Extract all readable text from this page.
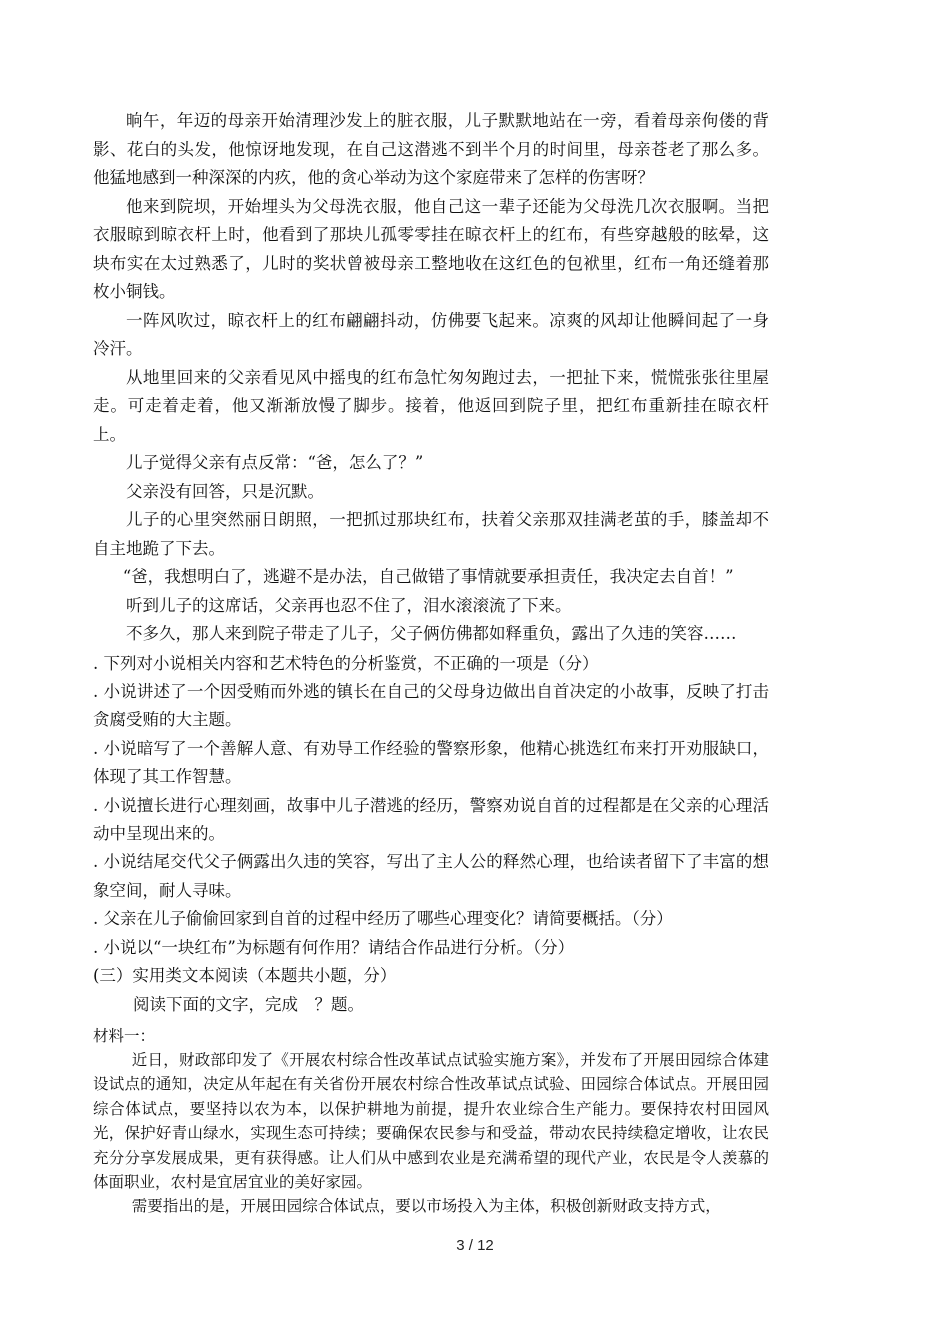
晌午，年迈的母亲开始清理沙发上的脏衣服，儿子默默地站在一旁，看着母亲佝偻的背影、花白的头发，他惊讶地发现，在自己这潜逃不到半个月的时间里，母亲苍老了那么多。他猛地感到一种深深的内疚，他的贪心举动为这个家庭带来了怎样的伤害呀？

他来到院坝，开始埋头为父母洗衣服，他自己这一辈子还能为父母洗几次衣服啊。当把衣服晾到晾衣杆上时，他看到了那块儿孤零零挂在晾衣杆上的红布，有些穿越般的眩晕，这块布实在太过熟悉了，儿时的奖状曾被母亲工整地收在这红色的包袱里，红布一角还缝着那枚小铜钱。

一阵风吹过，晾衣杆上的红布翩翩抖动，仿佛要飞起来。凉爽的风却让他瞬间起了一身冷汗。

从地里回来的父亲看见风中摇曳的红布急忙匆匆跑过去，一把扯下来，慌慌张张往里屋走。可走着走着，他又渐渐放慢了脚步。接着，他返回到院子里，把红布重新挂在晾衣杆上。

儿子觉得父亲有点反常：“爸，怎么了？”

父亲没有回答，只是沉默。

儿子的心里突然丽日朗照，一把抓过那块红布，扶着父亲那双挂满老茧的手，膝盖却不自主地跪了下去。

“爸，我想明白了，逃避不是办法，自己做错了事情就要承担责任，我决定去自首！”

听到儿子的这席话，父亲再也忍不住了，泪水滚滚流了下来。

不多久，那人来到院子带走了儿子，父子俩仿佛都如释重负，露出了久违的笑容……

. 下列对小说相关内容和艺术特色的分析鉴赏，不正确的一项是（分）

. 小说讲述了一个因受贿而外逃的镇长在自己的父母身边做出自首决定的小故事，反映了打击贪腐受贿的大主题。

. 小说暗写了一个善解人意、有劝导工作经验的警察形象，他精心挑选红布来打开劝服缺口，体现了其工作智慧。

. 小说擅长进行心理刻画，故事中儿子潜逃的经历，警察劝说自首的过程都是在父亲的心理活动中呈现出来的。

. 小说结尾交代父子俩露出久违的笑容，写出了主人公的释然心理，也给读者留下了丰富的想象空间，耐人寻味。

. 父亲在儿子偷偷回家到自首的过程中经历了哪些心理变化？请简要概括。（分）

. 小说以“一块红布”为标题有何作用？请结合作品进行分析。（分）

(三）实用类文本阅读（本题共小题，分）

阅读下面的文字，完成　？题。

材料一：

近日，财政部印发了《开展农村综合性改革试点试验实施方案》，并发布了开展田园综合体建设试点的通知，决定从年起在有关省份开展农村综合性改革试点试验、田园综合体试点。开展田园综合体试点，要坚持以农为本，以保护耕地为前提，提升农业综合生产能力。要保持农村田园风光，保护好青山绿水，实现生态可持续；要确保农民参与和受益，带动农民持续稳定增收，让农民充分分享发展成果，更有获得感。让人们从中感到农业是充满希望的现代产业，农民是令人羡慕的体面职业，农村是宜居宜业的美好家园。

需要指出的是，开展田园综合体试点，要以市场投入为主体，积极创新财政支持方式，

3 / 12
